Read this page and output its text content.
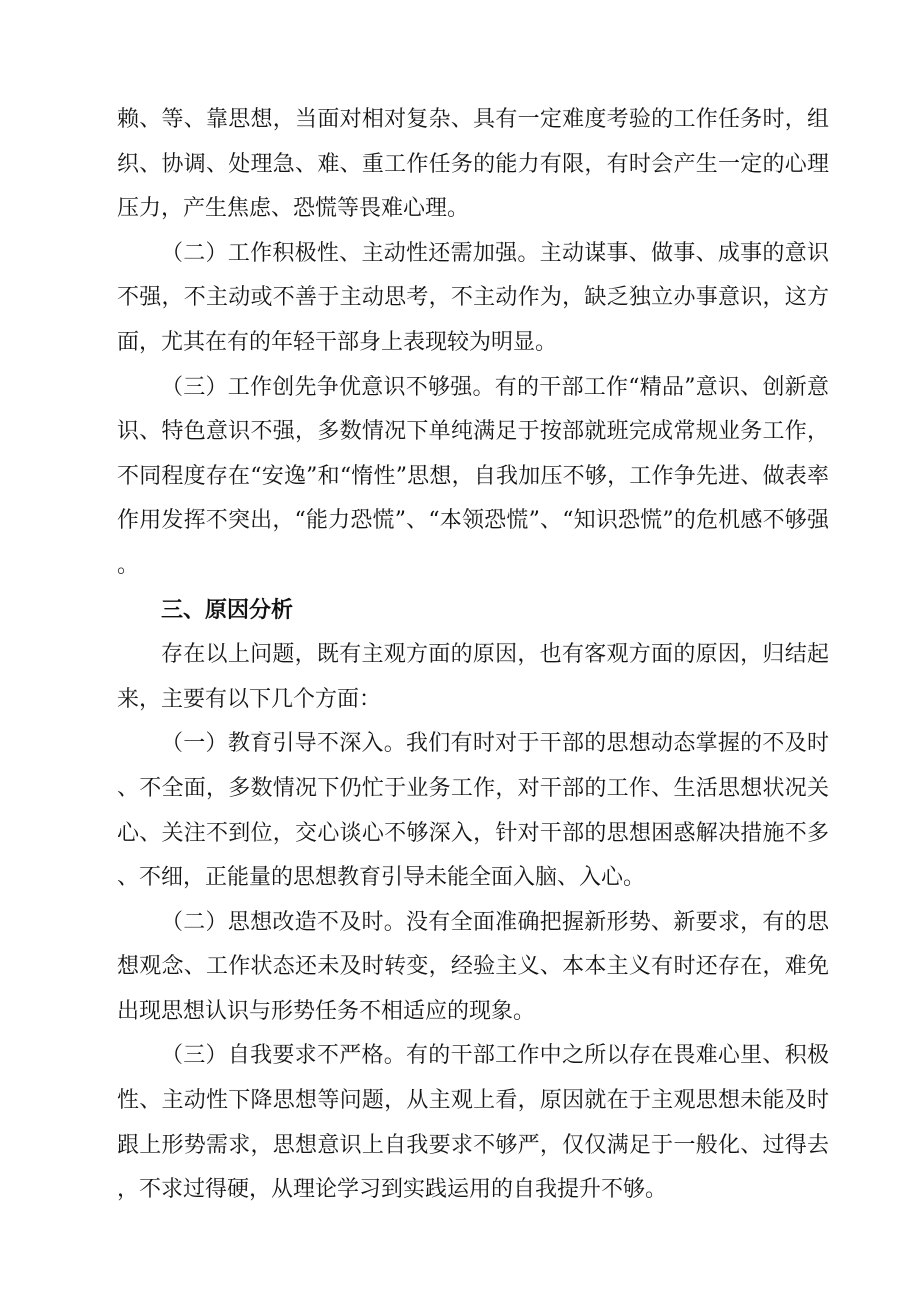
赖、等、靠思想，当面对相对复杂、具有一定难度考验的工作任务时，组织、协调、处理急、难、重工作任务的能力有限，有时会产生一定的心理压力，产生焦虑、恐慌等畏难心理。

（二）工作积极性、主动性还需加强。主动谋事、做事、成事的意识不强，不主动或不善于主动思考，不主动作为，缺乏独立办事意识，这方面，尤其在有的年轻干部身上表现较为明显。

（三）工作创先争优意识不够强。有的干部工作“精品”意识、创新意识、特色意识不强，多数情况下单纯满足于按部就班完成常规业务工作，不同程度存在“安逸”和“惰性”思想，自我加压不够，工作争先进、做表率作用发挥不突出，“能力恐慌”、“本领恐慌”、“知识恐慌”的危机感不够强。

三、原因分析

存在以上问题，既有主观方面的原因，也有客观方面的原因，归结起来，主要有以下几个方面：

（一）教育引导不深入。我们有时对于干部的思想动态掌握的不及时、不全面，多数情况下仍忙于业务工作，对干部的工作、生活思想状况关心、关注不到位，交心谈心不够深入，针对干部的思想困惑解决措施不多、不细，正能量的思想教育引导未能全面入脑、入心。

（二）思想改造不及时。没有全面准确把握新形势、新要求，有的思想观念、工作状态还未及时转变，经验主义、本本主义有时还存在，难免出现思想认识与形势任务不相适应的现象。

（三）自我要求不严格。有的干部工作中之所以存在畏难心里、积极性、主动性下降思想等问题，从主观上看，原因就在于主观思想未能及时跟上形势需求，思想意识上自我要求不够严，仅仅满足于一般化、过得去，不求过得硬，从理论学习到实践运用的自我提升不够。
